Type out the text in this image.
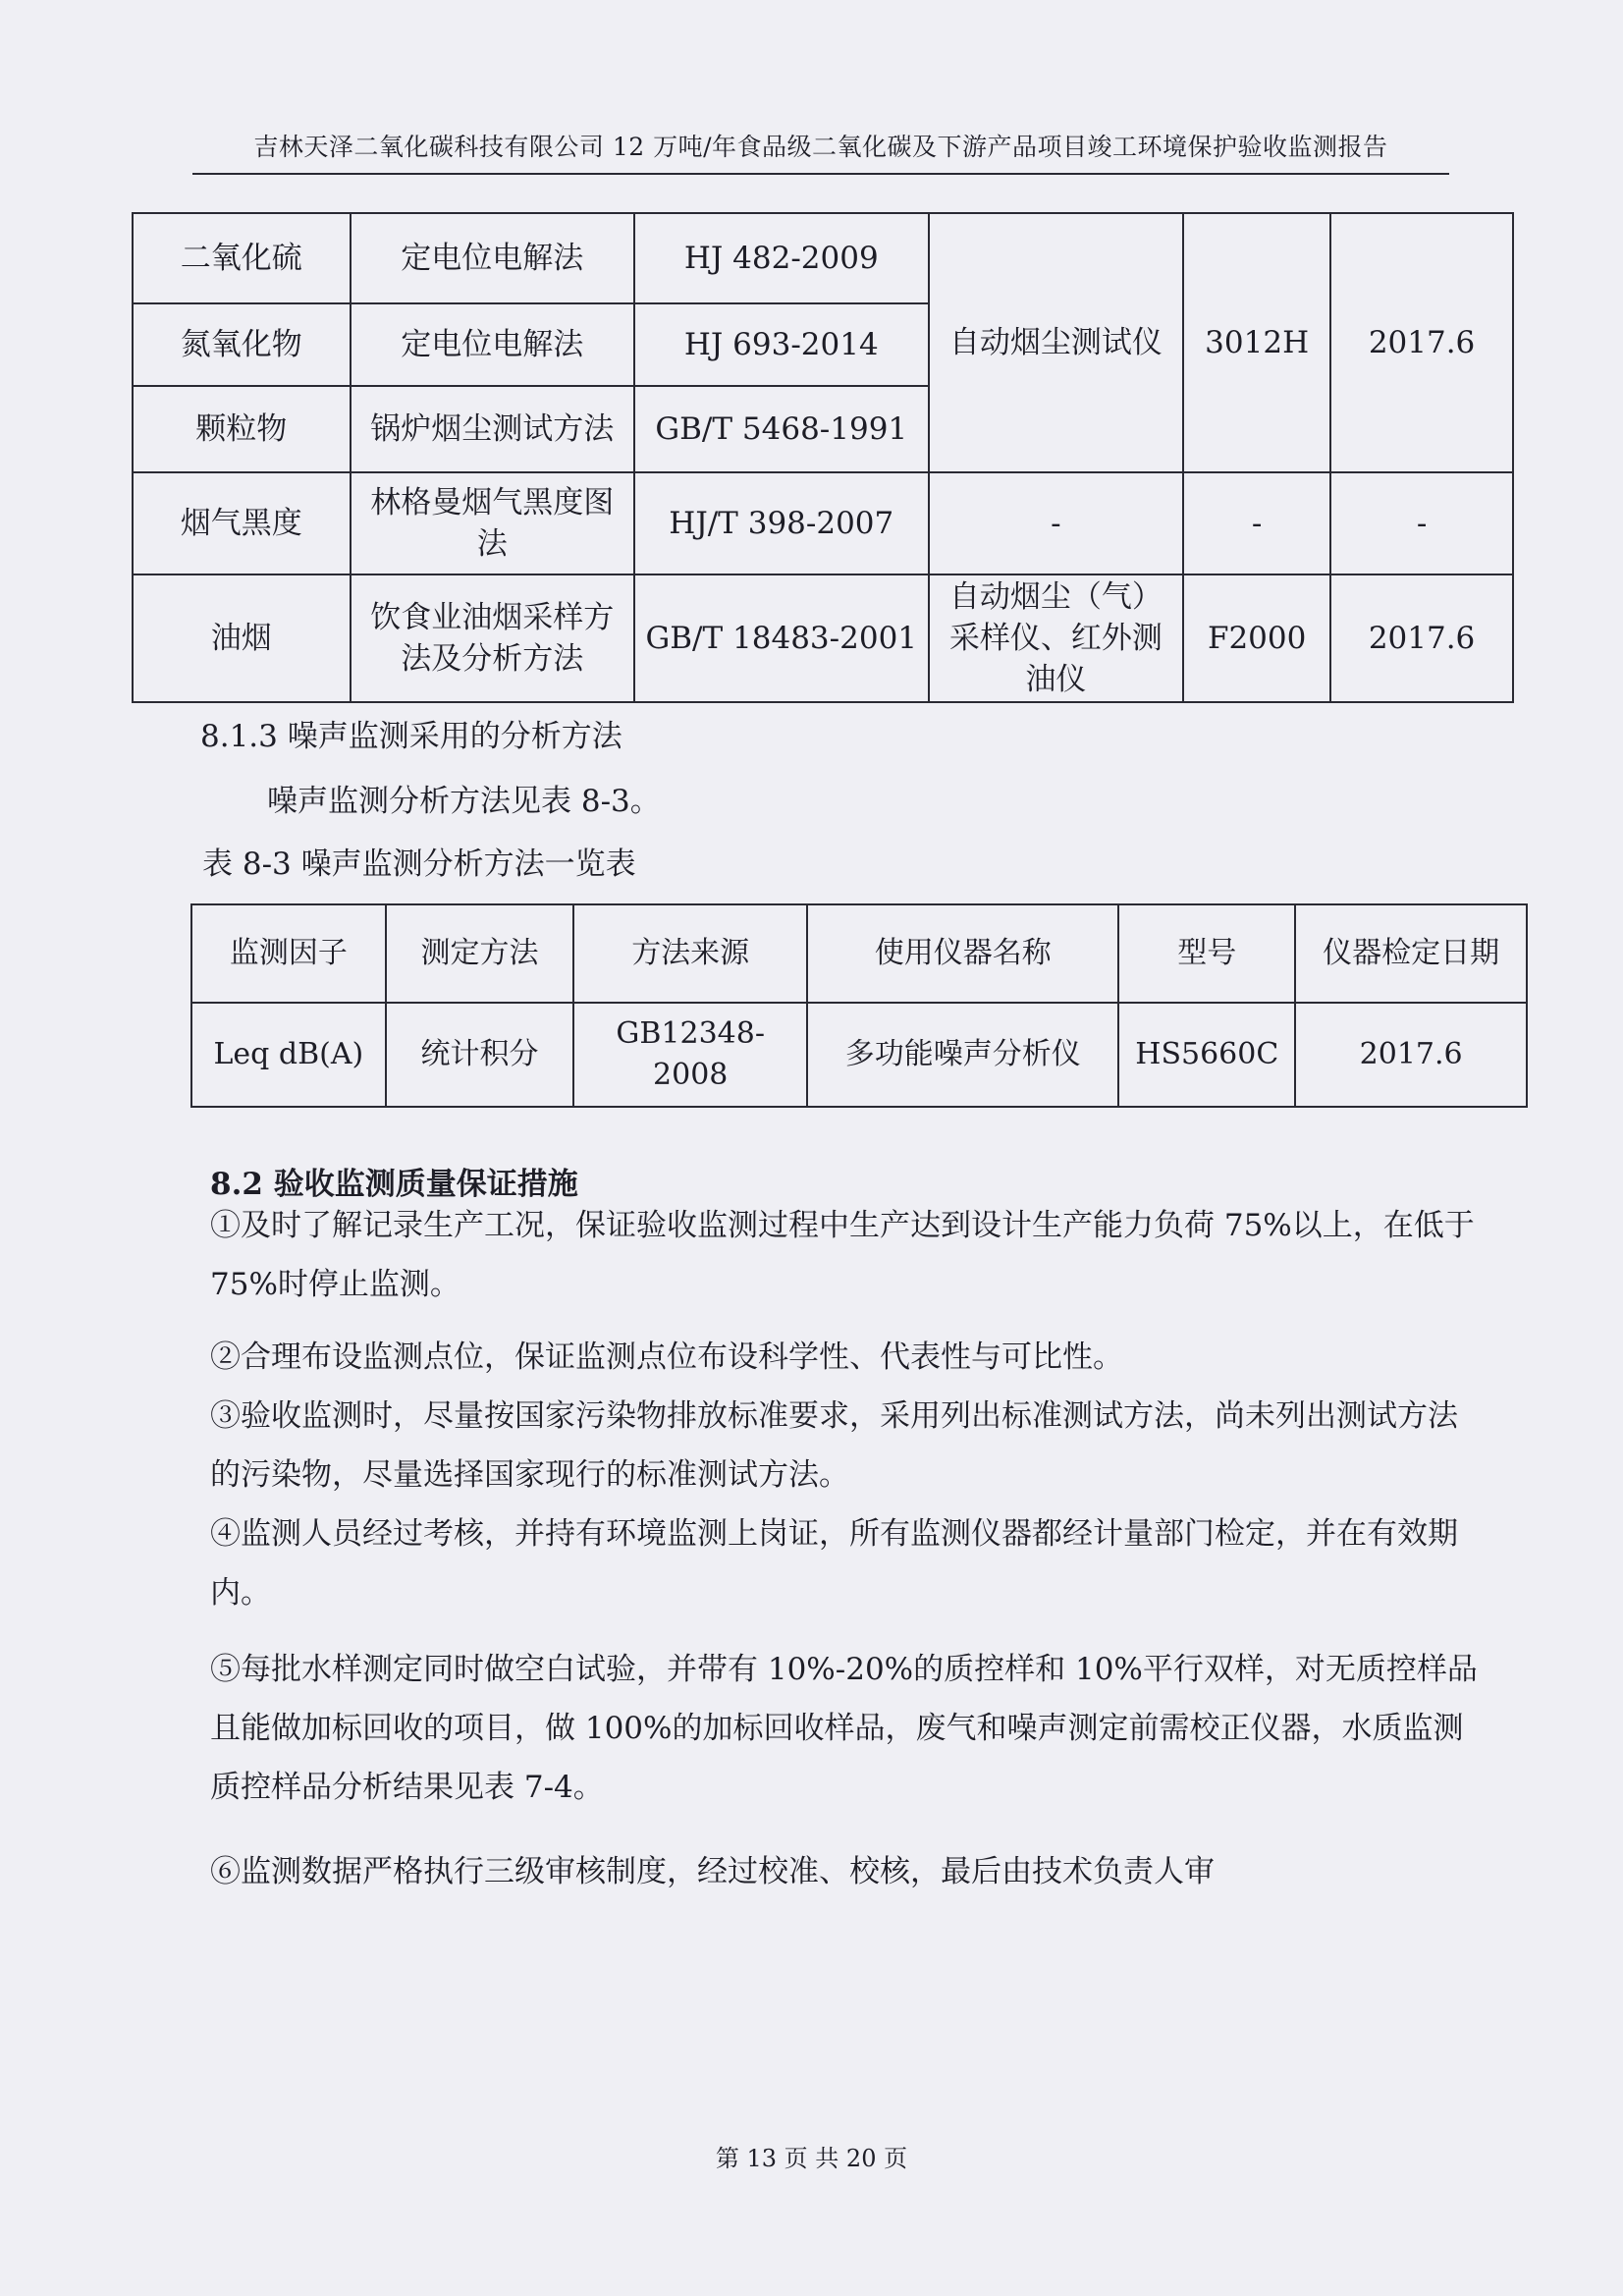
吉林天泽二氧化碳科技有限公司 12 万吨/年食品级二氧化碳及下游产品项目竣工环境保护验收监测报告
二氧化硫	定电位电解法	HJ 482-2009	自动烟尘测试仪	3012H	2017.6
氮氧化物	定电位电解法	HJ 693-2014			
颗粒物	锅炉烟尘测试方法	GB/T 5468-1991			
烟气黑度	林格曼烟气黑度图法	HJ/T 398-2007	-	-	-
油烟	饮食业油烟采样方法及分析方法	GB/T 18483-2001	自动烟尘（气）采样仪、红外测油仪	F2000	2017.6
8.1.3 噪声监测采用的分析方法
噪声监测分析方法见表 8-3。
表 8-3 噪声监测分析方法一览表
监测因子	测定方法	方法来源	使用仪器名称	型号	仪器检定日期
Leq dB(A)	统计积分	GB12348-2008	多功能噪声分析仪	HS5660C	2017.6
8.2 验收监测质量保证措施
①及时了解记录生产工况，保证验收监测过程中生产达到设计生产能力负荷 75%以上，在低于 75%时停止监测。
②合理布设监测点位，保证监测点位布设科学性、代表性与可比性。
③验收监测时，尽量按国家污染物排放标准要求，采用列出标准测试方法，尚未列出测试方法的污染物，尽量选择国家现行的标准测试方法。
④监测人员经过考核，并持有环境监测上岗证，所有监测仪器都经计量部门检定，并在有效期内。
⑤每批水样测定同时做空白试验，并带有 10%-20%的质控样和 10%平行双样，对无质控样品且能做加标回收的项目，做 100%的加标回收样品，废气和噪声测定前需校正仪器，水质监测质控样品分析结果见表 7-4。
⑥监测数据严格执行三级审核制度，经过校准、校核，最后由技术负责人审
第 13 页 共 20 页
